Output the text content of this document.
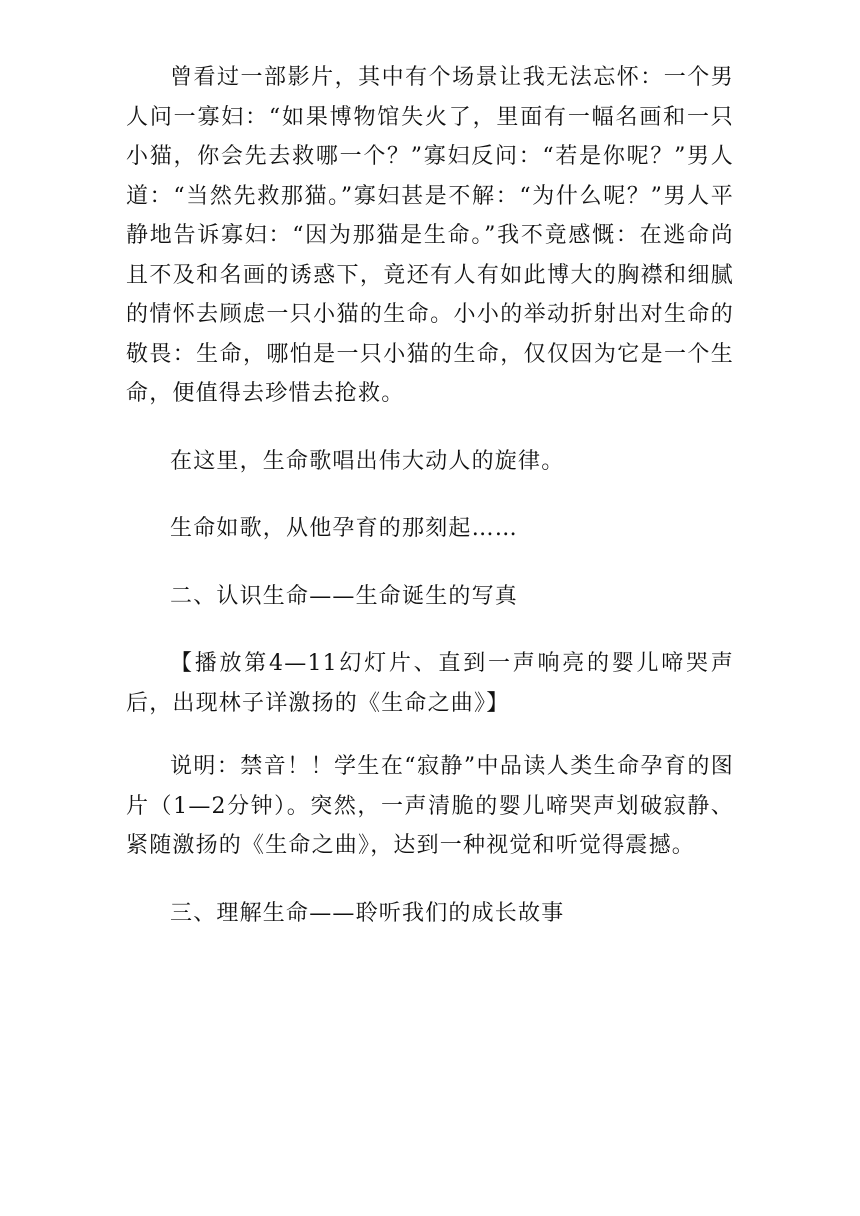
曾看过一部影片，其中有个场景让我无法忘怀：一个男人问一寡妇：“如果博物馆失火了，里面有一幅名画和一只小猫，你会先去救哪一个？”寡妇反问：“若是你呢？”男人道：“当然先救那猫。”寡妇甚是不解：“为什么呢？”男人平静地告诉寡妇：“因为那猫是生命。”我不竟感慨：在逃命尚且不及和名画的诱惑下，竟还有人有如此博大的胸襟和细腻的情怀去顾虑一只小猫的生命。小小的举动折射出对生命的敬畏：生命，哪怕是一只小猫的生命，仅仅因为它是一个生命，便值得去珍惜去抢救。

在这里，生命歌唱出伟大动人的旋律。

生命如歌，从他孕育的那刻起……

二、认识生命——生命诞生的写真

【播放第4—11幻灯片、直到一声响亮的婴儿啼哭声后，出现林子详激扬的《生命之曲》】

说明：禁音！！学生在“寂静”中品读人类生命孕育的图片（1—2分钟）。突然，一声清脆的婴儿啼哭声划破寂静、紧随激扬的《生命之曲》，达到一种视觉和听觉得震撼。

三、理解生命——聆听我们的成长故事
